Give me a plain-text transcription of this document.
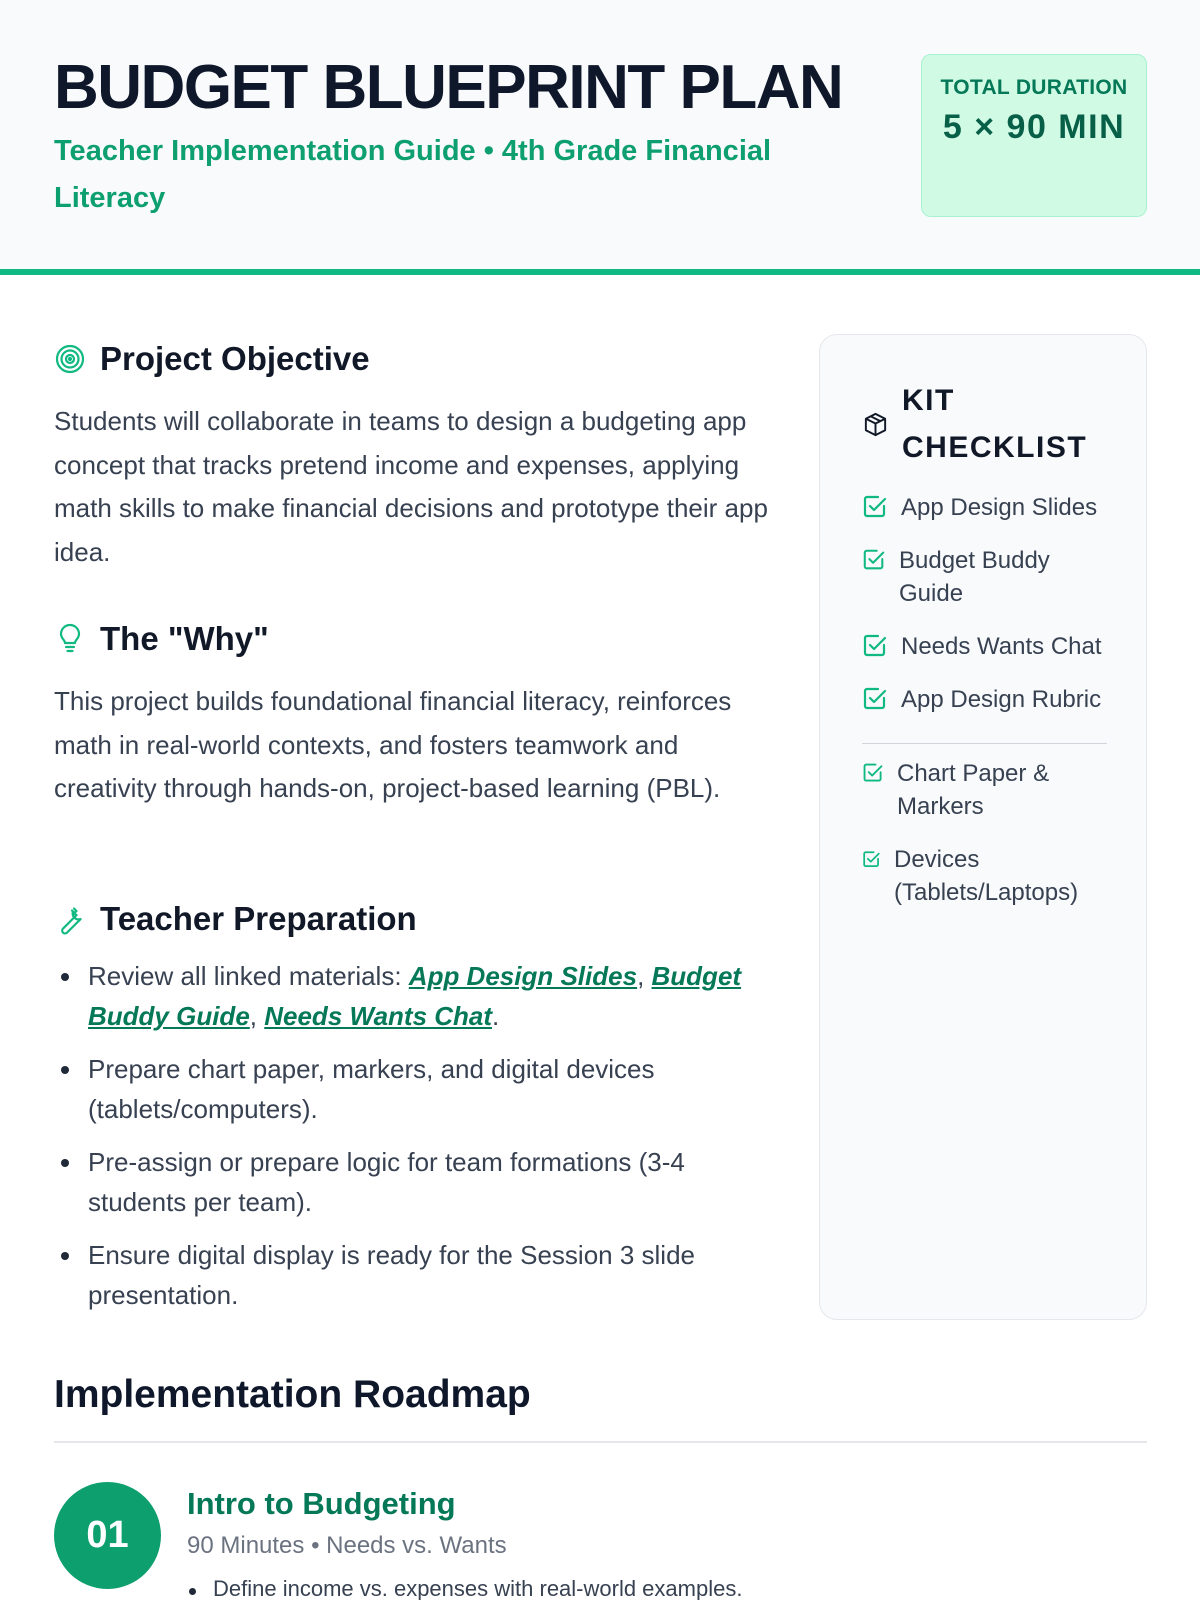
BUDGET BLUEPRINT PLAN
Teacher Implementation Guide • 4th Grade Financial Literacy
TOTAL DURATION
5 × 90 MIN
Project Objective

Students will collaborate in teams to design a budgeting app concept that tracks pretend income and expenses, applying math skills to make financial decisions and prototype their app idea.

The "Why"

This project builds foundational financial literacy, reinforces math in real-world contexts, and fosters teamwork and creativity through hands-on, project-based learning (PBL).

Teacher Preparation
Review all linked materials: App Design Slides, Budget Buddy Guide, Needs Wants Chat.
Prepare chart paper, markers, and digital devices (tablets/computers).
Pre-assign or prepare logic for team formations (3-4 students per team).
Ensure digital display is ready for the Session 3 slide presentation.
KIT CHECKLIST
App Design Slides
Budget Buddy Guide
Needs Wants Chat
App Design Rubric
Chart Paper & Markers
Devices (Tablets/Laptops)
Implementation Roadmap
01
Intro to Budgeting
90 Minutes • Needs vs. Wants
Define income vs. expenses with real-world examples.
